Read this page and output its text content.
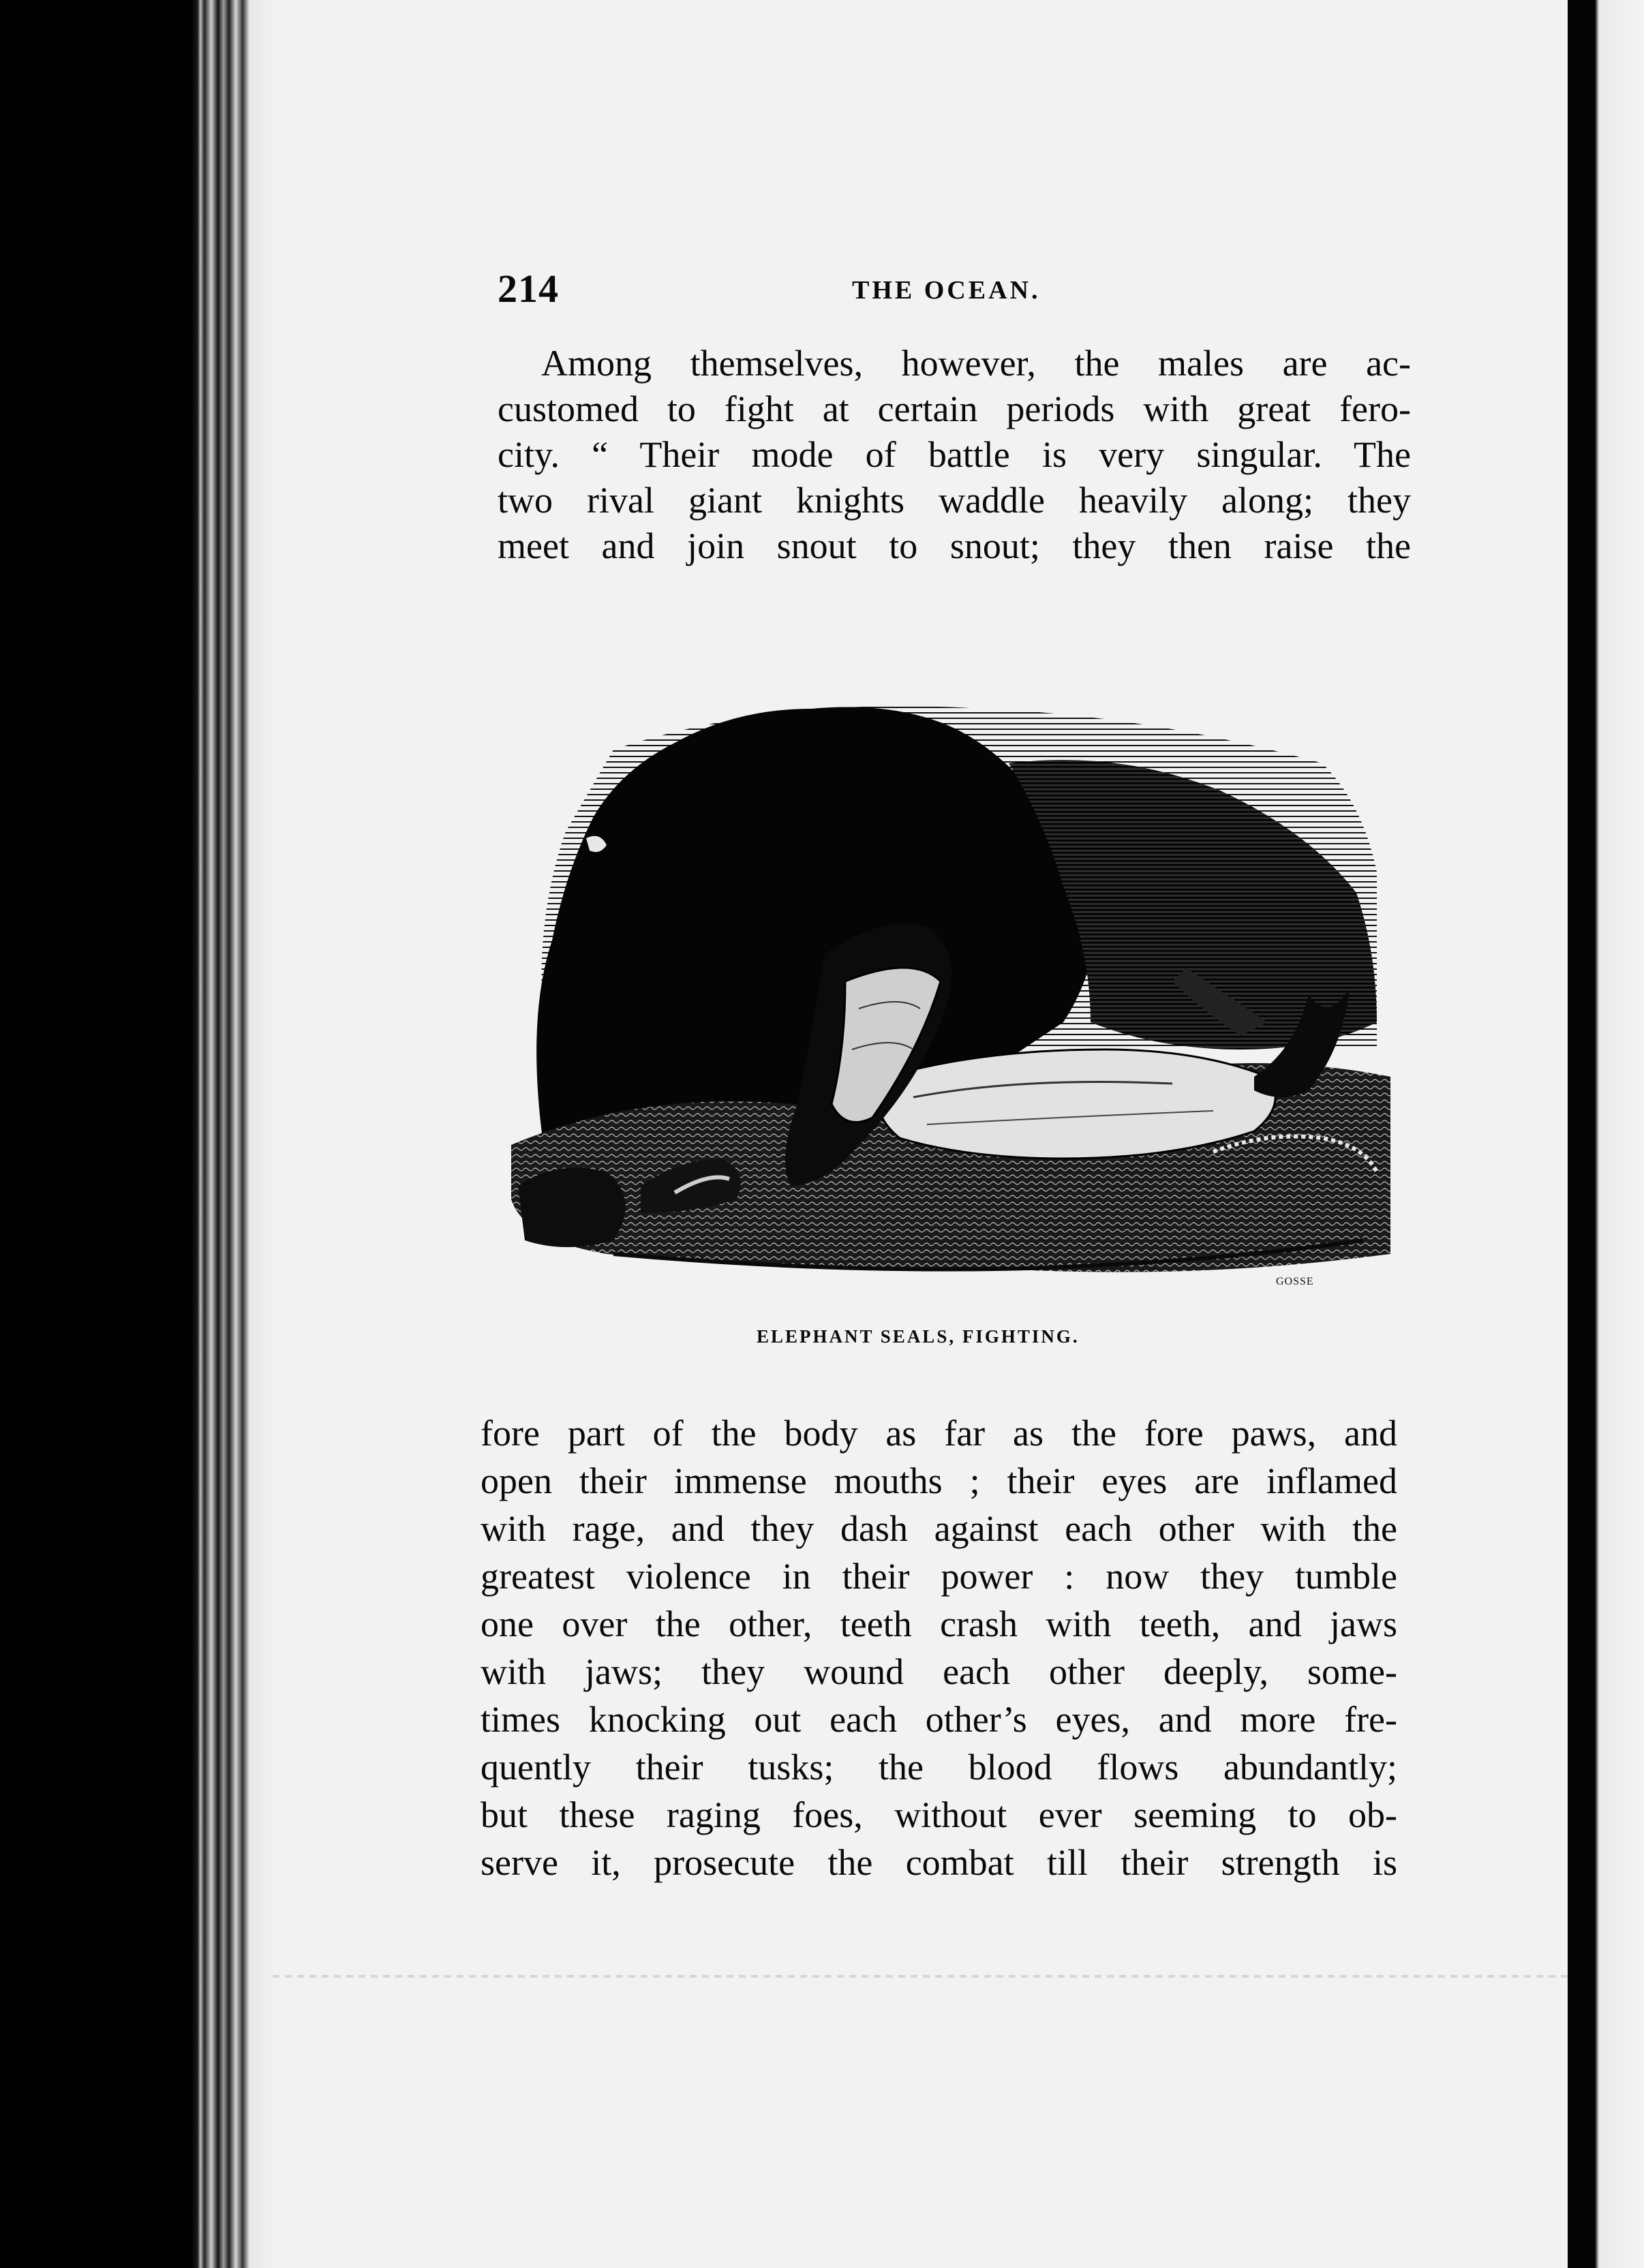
214	THE OCEAN.
Among themselves, however, the males are ac-
customed to fight at certain periods with great fero-
city. “ Their mode of battle is very singular. The
two rival giant knights waddle heavily along; they
meet and join snout to snout; they then raise the
GOSSE
ELEPHANT SEALS, FIGHTING.
fore part of the body as far as the fore paws, and
open their immense mouths ; their eyes are inflamed
with rage, and they dash against each other with the
greatest violence in their power : now they tumble
one over the other, teeth crash with teeth, and jaws
with jaws; they wound each other deeply, some-
times knocking out each other’s eyes, and more fre-
quently their tusks; the blood flows abundantly;
but these raging foes, without ever seeming to ob-
serve it, prosecute the combat till their strength is
